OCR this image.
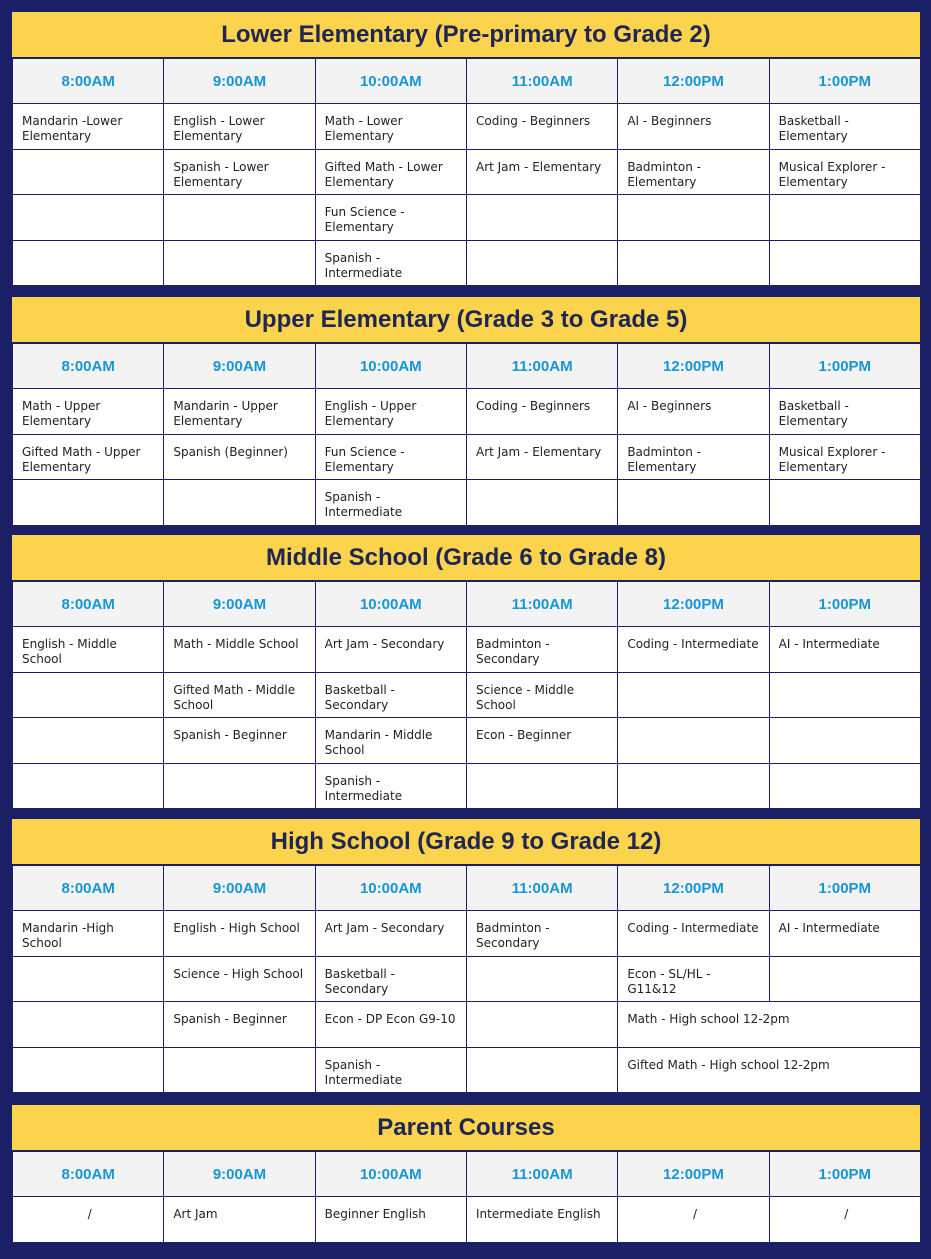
Lower Elementary (Pre-primary to Grade 2)
8:00AM	9:00AM	10:00AM	11:00AM	12:00PM	1:00PM
Mandarin -Lower Elementary	English - Lower Elementary	Math - Lower Elementary	Coding - Beginners	AI - Beginners	Basketball - Elementary
	Spanish - Lower Elementary	Gifted Math - Lower Elementary	Art Jam - Elementary	Badminton - Elementary	Musical Explorer - Elementary
		Fun Science - Elementary			
		Spanish - Intermediate			
Upper Elementary (Grade 3 to Grade 5)
8:00AM	9:00AM	10:00AM	11:00AM	12:00PM	1:00PM
Math - Upper Elementary	Mandarin - Upper Elementary	English - Upper Elementary	Coding - Beginners	AI - Beginners	Basketball - Elementary
Gifted Math - Upper Elementary	Spanish (Beginner)	Fun Science - Elementary	Art Jam - Elementary	Badminton - Elementary	Musical Explorer - Elementary
		Spanish - Intermediate			
Middle School (Grade 6 to Grade 8)
8:00AM	9:00AM	10:00AM	11:00AM	12:00PM	1:00PM
English - Middle School	Math - Middle School	Art Jam - Secondary	Badminton - Secondary	Coding - Intermediate	AI - Intermediate
	Gifted Math - Middle School	Basketball - Secondary	Science - Middle School		
	Spanish - Beginner	Mandarin - Middle School	Econ - Beginner		
		Spanish - Intermediate			
High School (Grade 9 to Grade 12)
8:00AM	9:00AM	10:00AM	11:00AM	12:00PM	1:00PM
Mandarin -High School	English - High School	Art Jam - Secondary	Badminton - Secondary	Coding - Intermediate	AI - Intermediate
	Science - High School	Basketball - Secondary		Econ - SL/HL - G11&12	
	Spanish - Beginner	Econ - DP Econ G9-10		Math - High school 12-2pm	
		Spanish - Intermediate		Gifted Math - High school 12-2pm	
Parent Courses
8:00AM	9:00AM	10:00AM	11:00AM	12:00PM	1:00PM
/	Art Jam	Beginner English	Intermediate English	/	/
